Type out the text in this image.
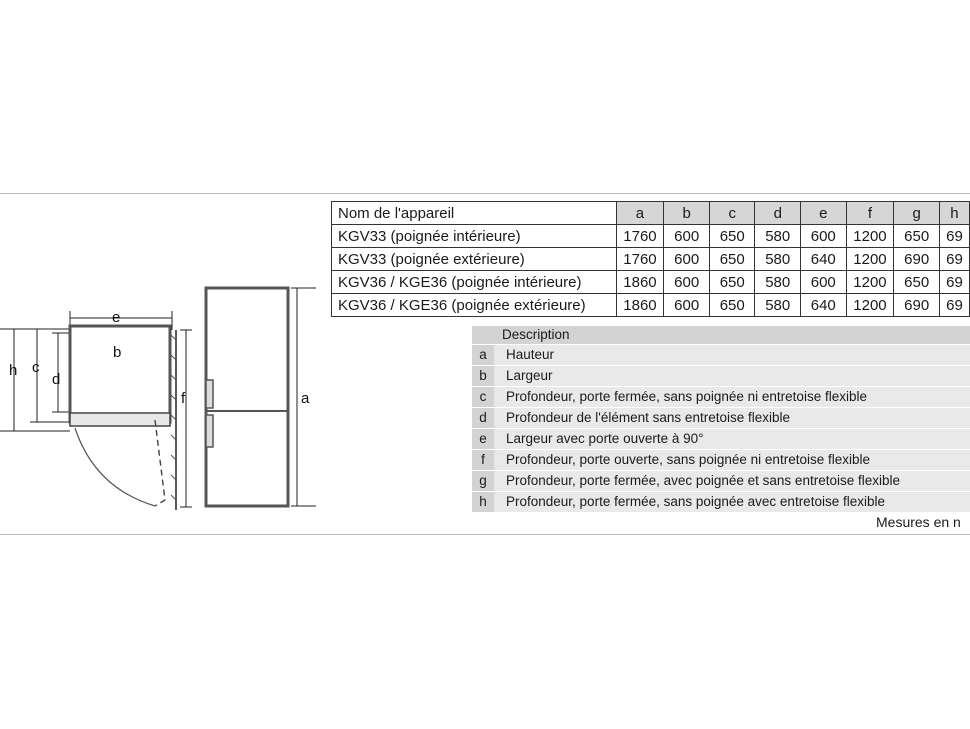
h c
d
e
b
f	a
Nom de l'appareil	a	b	c	d	e	f	g	h
KGV33 (poignée intérieure)	1760	600	650	580	600	1200	650	69
KGV33 (poignée extérieure)	1760	600	650	580	640	1200	690	69
KGV36 / KGE36 (poignée intérieure)	1860	600	650	580	600	1200	650	69
KGV36 / KGE36 (poignée extérieure)	1860	600	650	580	640	1200	690	69
Description
a	Hauteur
b	Largeur
c	Profondeur, porte fermée, sans poignée ni entretoise flexible
d	Profondeur de l'élément sans entretoise flexible
e	Largeur avec porte ouverte à 90°
f	Profondeur, porte ouverte, sans poignée ni entretoise flexible
g	Profondeur, porte fermée, avec poignée et sans entretoise flexible
h	Profondeur, porte fermée, sans poignée avec entretoise flexible
Mesures en n
